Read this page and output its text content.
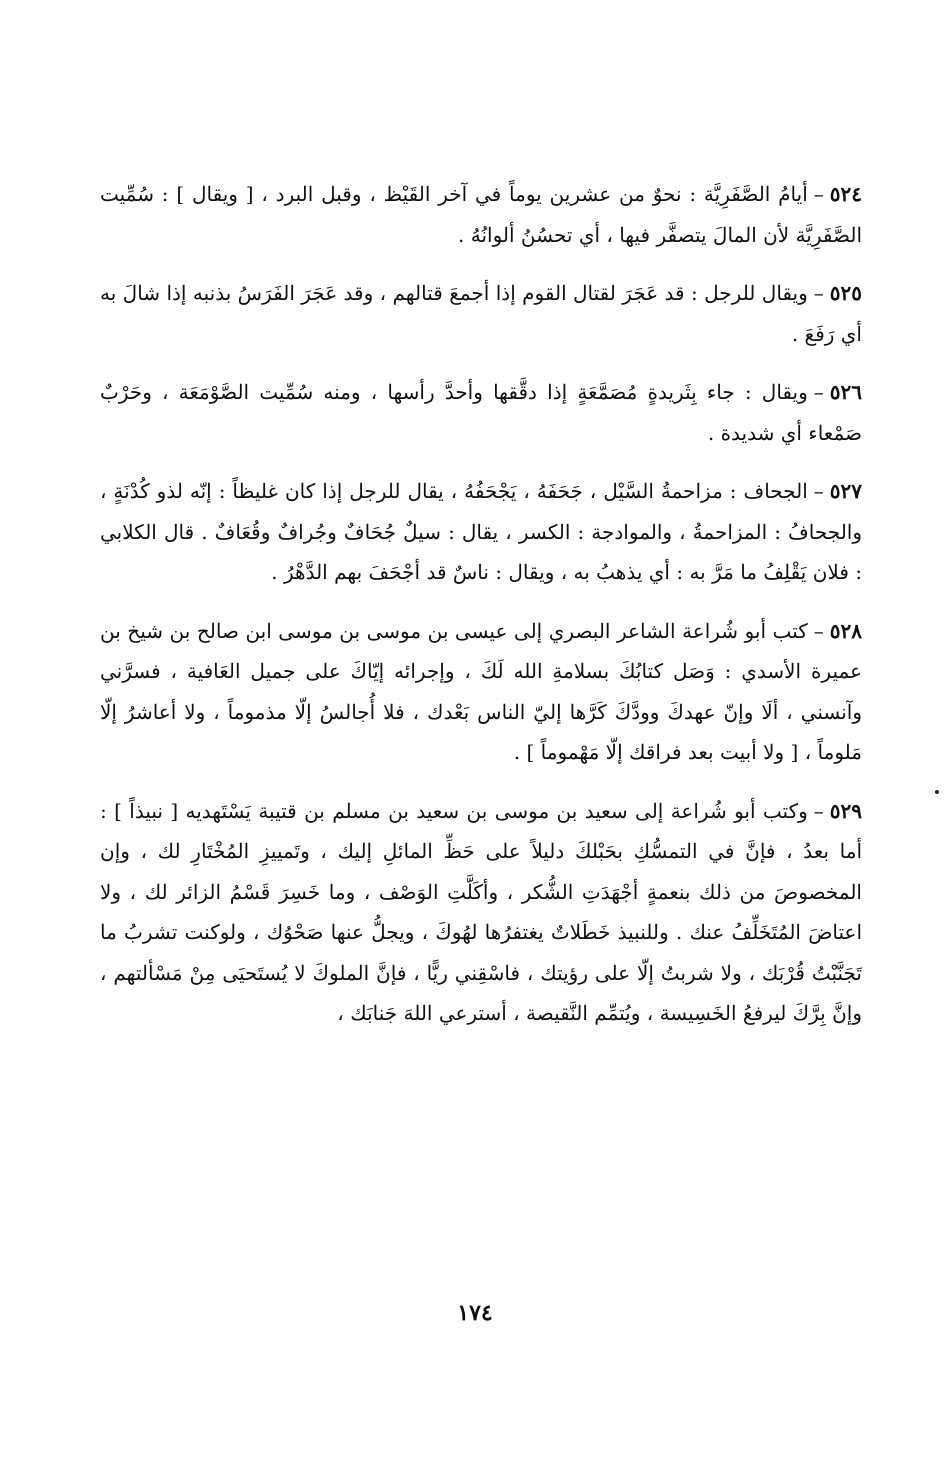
٥٢٤–أيامُ الصَّفَرِيَّة : نحوٌ من عشرين يوماً في آخر القَيْظ ، وقبل البرد ، [ ويقال ] : سُمِّيت الصَّفَرِيَّة لأن المالَ يتصفَّر فيها ، أي تحسُنُ ألوانُهُ .

٥٢٥–ويقال للرجل : قد عَجَرَ لقتال القوم إذا أجمعَ قتالهم ، وقد عَجَرَ الفَرَسُ بذنبه إذا شالَ به أي رَفَعَ .

٥٢٦–ويقال : جاء بِثَريدةٍ مُصَمَّعَةٍ إذا دقَّقها وأحدَّ رأسها ، ومنه سُمِّيت الصَّوْمَعَة ، وحَرْبٌ صَمْعاء أي شديدة .

٥٢٧–الجحاف : مزاحمةُ السَّيْل ، جَحَفَهُ ، يَجْحَفُهُ ، يقال للرجل إذا كان غليظاً : إنّه لذو كُدْنَةٍ ، والجحافُ : المزاحمةُ ، والموادجة : الكسر ، يقال : سيلٌ جُحَافٌ وجُرافٌ وقُعَافٌ . قال الكلابي : فلان يَقْلِفُ ما مَرَّ به : أي يذهبُ به ، ويقال : ناسٌ قد أجْحَفَ بهم الدَّهْرُ .

٥٢٨–كتب أبو شُراعة الشاعر البصري إلى عيسى بن موسى بن موسى ابن صالح بن شيخ بن عميرة الأسدي : وَصَل كتابُكَ بسلامةِ الله لَكَ ، وإجرائه إيّاكَ على جميل العَافية ، فسرَّني وآنسني ، ألَا وإنّ عهدكَ وودَّكَ كَرَّها إليّ الناس بَعْدك ، فلا أُجالسُ إلّا مذموماً ، ولا أعاشرُ إلّا مَلوماً ، [ ولا أبيت بعد فراقك إلّا مَهْموماً ] .

٥٢٩–وكتب أبو شُراعة إلى سعيد بن موسى بن سعيد بن مسلم بن قتيبة يَسْتَهديه [ نبيذاً ] : أما بعدُ ، فإنَّ في التمسُّكِ بحَبْلكَ دليلاً على حَظِّ المائلِ إليك ، وتَمييزِ المُخْتَارِ لك ، وإن المخصوصَ من ذلك بنعمةٍ أجْهَدَتِ الشُّكر ، وأكَلَّتِ الوَصْف ، وما خَسِرَ قَسْمُ الزائر لك ، ولا اعتاضَ المُتَخَلِّفُ عنك . وللنبيذ خَطَلاتٌ يغتفرُها لهُوكَ ، ويجلُّ عنها صَحْوُك ، ولوكنت تشربُ ما تَجَنَّبْتُ قُرْبَك ، ولا شربتُ إلّا على رؤيتك ، فاسْقِني ريًّا ، فإنَّ الملوكَ لا يُستَحيَى مِنْ مَسْألتهم ، وإنَّ بِرَّكَ ليرفعُ الخَسِيسة ، ويُتمِّم النَّقيصة ، أسترعي اللهَ جَنابَك ،

١٧٤
